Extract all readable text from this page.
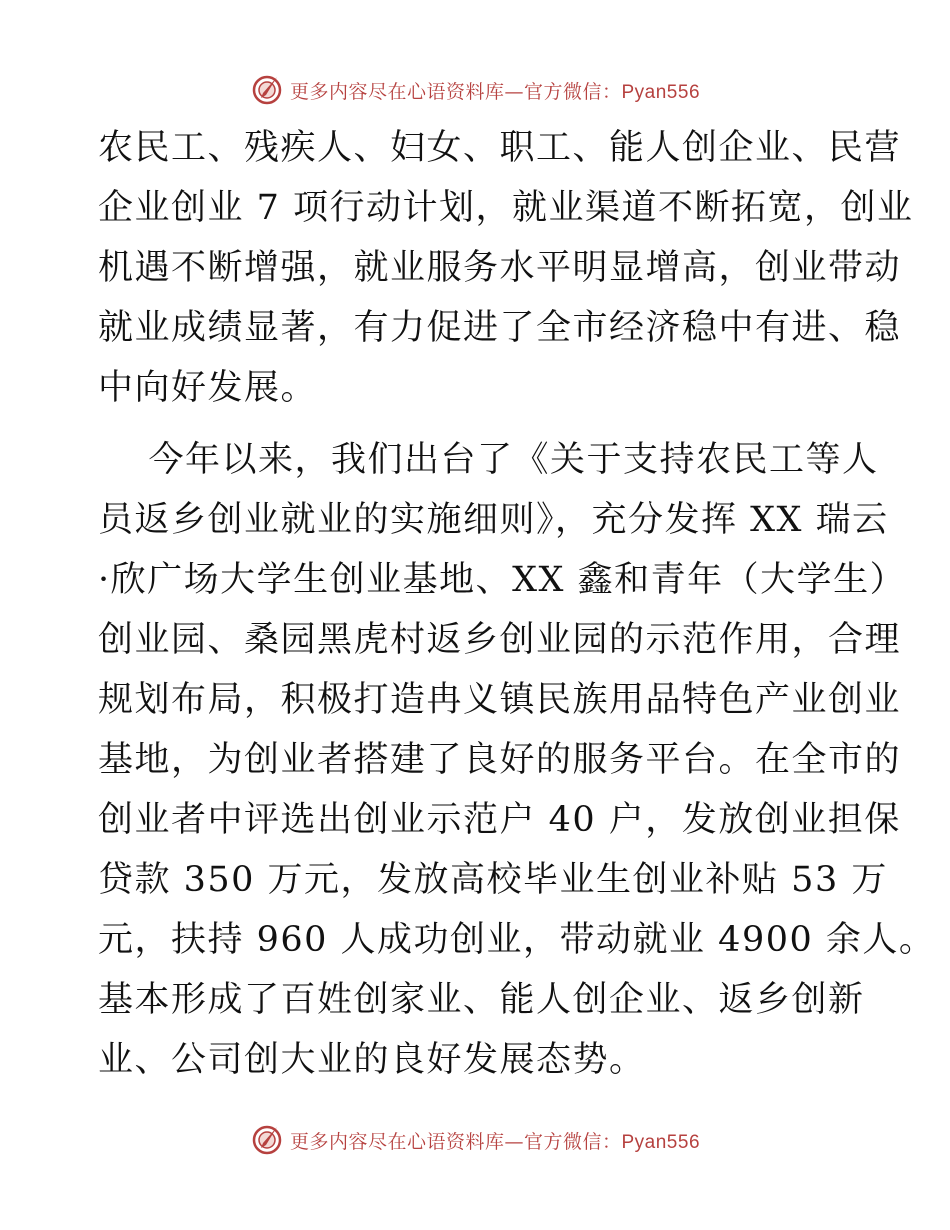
更多内容尽在心语资料库—官方微信：Pyan556
农民工、残疾人、妇女、职工、能人创企业、民营
企业创业 7 项行动计划，就业渠道不断拓宽，创业
机遇不断增强，就业服务水平明显增高，创业带动
就业成绩显著，有力促进了全市经济稳中有进、稳
中向好发展。
今年以来，我们出台了《关于支持农民工等人
员返乡创业就业的实施细则》，充分发挥 XX 瑞云
·欣广场大学生创业基地、XX 鑫和青年（大学生）
创业园、桑园黑虎村返乡创业园的示范作用，合理
规划布局，积极打造冉义镇民族用品特色产业创业
基地，为创业者搭建了良好的服务平台。在全市的
创业者中评选出创业示范户 40 户，发放创业担保
贷款 350 万元，发放高校毕业生创业补贴 53 万
元，扶持 960 人成功创业，带动就业 4900 余人。
基本形成了百姓创家业、能人创企业、返乡创新
业、公司创大业的良好发展态势。
更多内容尽在心语资料库—官方微信：Pyan556
